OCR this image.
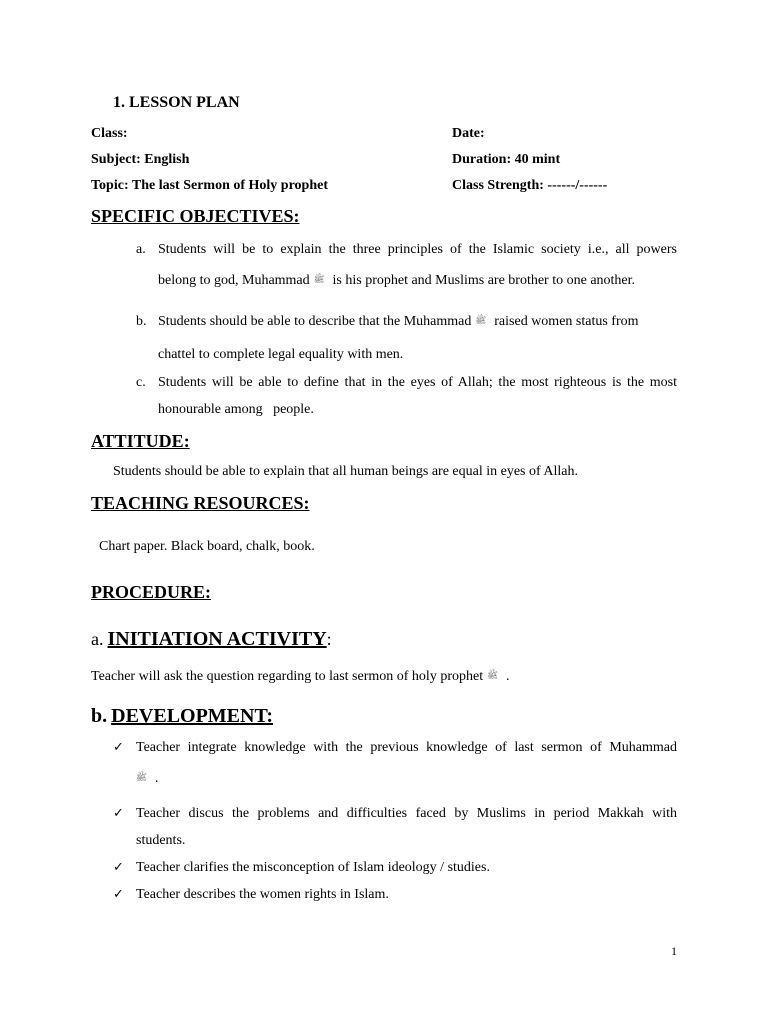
1. LESSON PLAN
Class:	Date:
Subject: English	Duration: 40 mint
Topic: The last Sermon of Holy prophet	Class Strength: ------/------
SPECIFIC OBJECTIVES:
a. Students will be to explain the three principles of the Islamic society i.e., all powers
belong to god, Muhammad ﷺ is his prophet and Muslims are brother to one another.
b. Students should be able to describe that the Muhammad ﷺ raised women status from
chattel to complete legal equality with men.
c. Students will be able to define that in the eyes of Allah; the most righteous is the most
honourable among   people.
ATTITUDE:
Students should be able to explain that all human beings are equal in eyes of Allah.
TEACHING RESOURCES:
Chart paper. Black board, chalk, book.
PROCEDURE:
a. INITIATION ACTIVITY:
Teacher will ask the question regarding to last sermon of holy prophet ﷺ .
b. DEVELOPMENT:
✓ Teacher integrate knowledge with the previous knowledge of last sermon of Muhammad
ﷺ .
✓ Teacher discus the problems and difficulties faced by Muslims in period Makkah with
students.
✓ Teacher clarifies the misconception of Islam ideology / studies.
✓ Teacher describes the women rights in Islam.
1
